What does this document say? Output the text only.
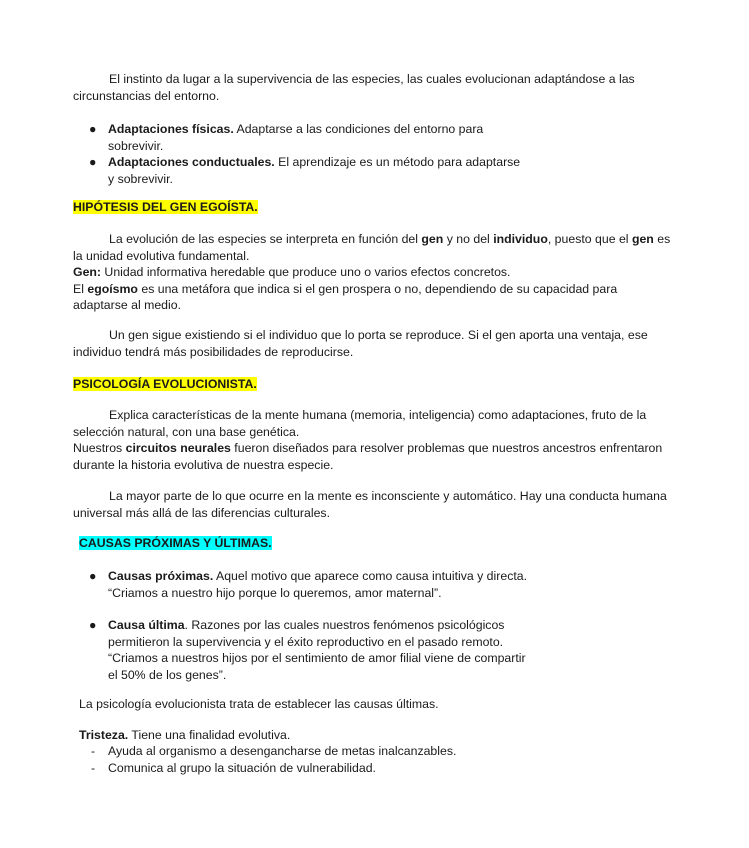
El instinto da lugar a la supervivencia de las especies, las cuales evolucionan adaptándose a las circunstancias del entorno.

● Adaptaciones físicas. Adaptarse a las condiciones del entorno para sobrevivir.
● Adaptaciones conductuales. El aprendizaje es un método para adaptarse y sobrevivir.
HIPÓTESIS DEL GEN EGOÍSTA.

La evolución de las especies se interpreta en función del gen y no del individuo, puesto que el gen es la unidad evolutiva fundamental.

Gen: Unidad informativa heredable que produce uno o varios efectos concretos.

El egoísmo es una metáfora que indica si el gen prospera o no, dependiendo de su capacidad para adaptarse al medio.

Un gen sigue existiendo si el individuo que lo porta se reproduce. Si el gen aporta una ventaja, ese individuo tendrá más posibilidades de reproducirse.

PSICOLOGÍA EVOLUCIONISTA.

Explica características de la mente humana (memoria, inteligencia) como adaptaciones, fruto de la selección natural, con una base genética.

Nuestros circuitos neurales fueron diseñados para resolver problemas que nuestros ancestros enfrentaron durante la historia evolutiva de nuestra especie.

La mayor parte de lo que ocurre en la mente es inconsciente y automático. Hay una conducta humana universal más allá de las diferencias culturales.

CAUSAS PRÓXIMAS Y ÚLTIMAS.
● Causas próximas. Aquel motivo que aparece como causa intuitiva y directa. “Criamos a nuestro hijo porque lo queremos, amor maternal”.
● Causa última. Razones por las cuales nuestros fenómenos psicológicos permitieron la supervivencia y el éxito reproductivo en el pasado remoto. “Criamos a nuestros hijos por el sentimiento de amor filial viene de compartir el 50% de los genes”.

La psicología evolucionista trata de establecer las causas últimas.

Tristeza. Tiene una finalidad evolutiva.

- Ayuda al organismo a desengancharse de metas inalcanzables.
- Comunica al grupo la situación de vulnerabilidad.
